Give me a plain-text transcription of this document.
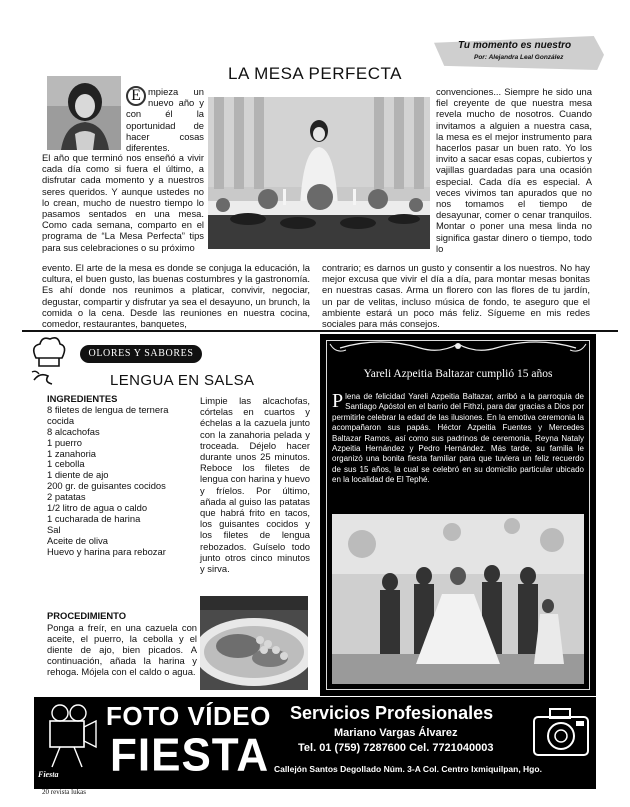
Tu momento es nuestro
Por: Alejandra Leal González
LA MESA PERFECTA
E mpieza un nuevo año y con él la oportunidad de hacer cosas diferentes.
El año que terminó nos enseñó a vivir cada día como si fuera el último, a disfrutar cada momento y a nuestros seres queridos. Y aunque ustedes no lo crean, mucho de nuestro tiempo lo pasamos sentados en una mesa. Como cada semana, comparto en el programa de “La Mesa Perfecta” tips para sus celebraciones o su próximo
evento. El arte de la mesa es donde se conjuga la educación, la cultura, el buen gusto, las buenas costumbres y la gastronomía. Es ahí donde nos reunimos a platicar, convivir, negociar, degustar, compartir y disfrutar ya sea el desayuno, un brunch, la comida o la cena. Desde las reuniones en nuestra cocina, comedor, restaurantes, banquetes,
convenciones... Siempre he sido una fiel creyente de que nuestra mesa revela mucho de nosotros. Cuando invitamos a alguien a nuestra casa, la mesa es el mejor instrumento para hacerlos pasar un buen rato. Yo los invito a sacar esas copas, cubiertos y vajillas guardadas para una ocasión especial. Cada día es especial. A veces vivimos tan apurados que no nos tomamos el tiempo de desayunar, comer o cenar tranquilos. Montar o poner una mesa linda no significa gastar dinero o tiempo, todo lo
contrario; es darnos un gusto y consentir a los nuestros. No hay mejor excusa que vivir el día a día, para montar mesas bonitas en nuestras casas. Arma un florero con las flores de tu jardín, un par de velitas, incluso música de fondo, te aseguro que el ambiente estará un poco más feliz. Sígueme en mis redes sociales para más consejos.
OLORES Y SABORES
LENGUA EN SALSA
INGREDIENTES
8 filetes de lengua de ternera cocida
8 alcachofas
1 puerro
1 zanahoria
1 cebolla
1 diente de ajo
200 gr. de guisantes cocidos
2 patatas
1/2 litro de agua o caldo
1 cucharada de harina
Sal
Aceite de oliva
Huevo y harina para rebozar
PROCEDIMIENTO
Ponga a freír, en una cazuela con aceite, el puerro, la cebolla y el diente de ajo, bien picados. A continuación, añada la harina y rehoga. Mójela con el caldo o agua.
Limpie las alcachofas, córtelas en cuartos y échelas a la cazuela junto con la zanahoria pelada y troceada. Déjelo hacer durante unos 25 minutos. Reboce los filetes de lengua con harina y huevo y fríelos. Por último, añada al guiso las patatas que habrá frito en tacos, los guisantes cocidos y los filetes de lengua rebozados. Guíselo todo junto otros cinco minutos y sirva.
Yareli Azpeitia Baltazar cumplió 15 años
P lena de felicidad Yareli Azpeitia Baltazar, arribó a la parroquia de Santiago Apóstol en el barrio del Fithzi, para dar gracias a Dios por permitirle celebrar la edad de las ilusiones. En la emotiva ceremonia la acompañaron sus papás. Héctor Azpeitia Fuentes y Mercedes Baltazar Ramos, así como sus padrinos de ceremonia, Reyna Nataly Azpeitia Hernández y Pedro Hernández. Más tarde, su familia le organizó una bonita fiesta familiar para que tuviera un feliz recuerdo de sus 15 años, la cual se celebró en su domicilio particular ubicado en la localidad de El Tephé.
Fiesta
FOTO VÍDEO
FIESTA
Servicios Profesionales
Mariano Vargas Álvarez
Tel. 01 (759) 7287600 Cel. 7721040003
Callejón Santos Degollado Núm. 3-A Col. Centro Ixmiquilpan, Hgo.
20 revista lukas
